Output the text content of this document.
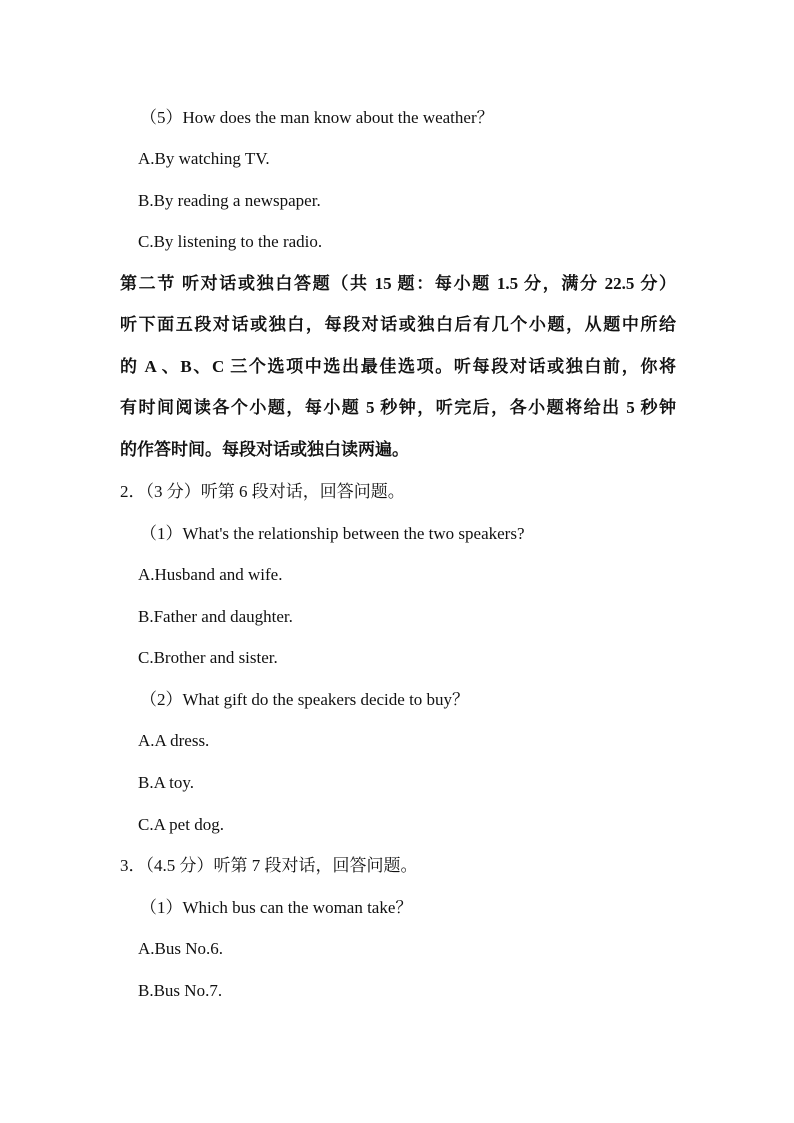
（5）How does the man know about the weather？
A.By watching TV.
B.By reading a newspaper.
C.By listening to the radio.
第二节 听对话或独白答题（共 15 题：每小题 1.5 分，满分 22.5 分）
听下面五段对话或独白，每段对话或独白后有几个小题，从题中所给
的 A 、B、C 三个选项中选出最佳选项。听每段对话或独白前，你将
有时间阅读各个小题，每小题 5 秒钟，听完后，各小题将给出 5 秒钟
的作答时间。每段对话或独白读两遍。
2．（3 分）听第 6 段对话，回答问题。
（1）What's the relationship between the two speakers?
A.Husband and wife.
B.Father and daughter.
C.Brother and sister.
（2）What gift do the speakers decide to buy？
A.A dress.
B.A toy.
C.A pet dog.
3．（4.5 分）听第 7 段对话，回答问题。
（1）Which bus can the woman take？
A.Bus No.6.
B.Bus No.7.
